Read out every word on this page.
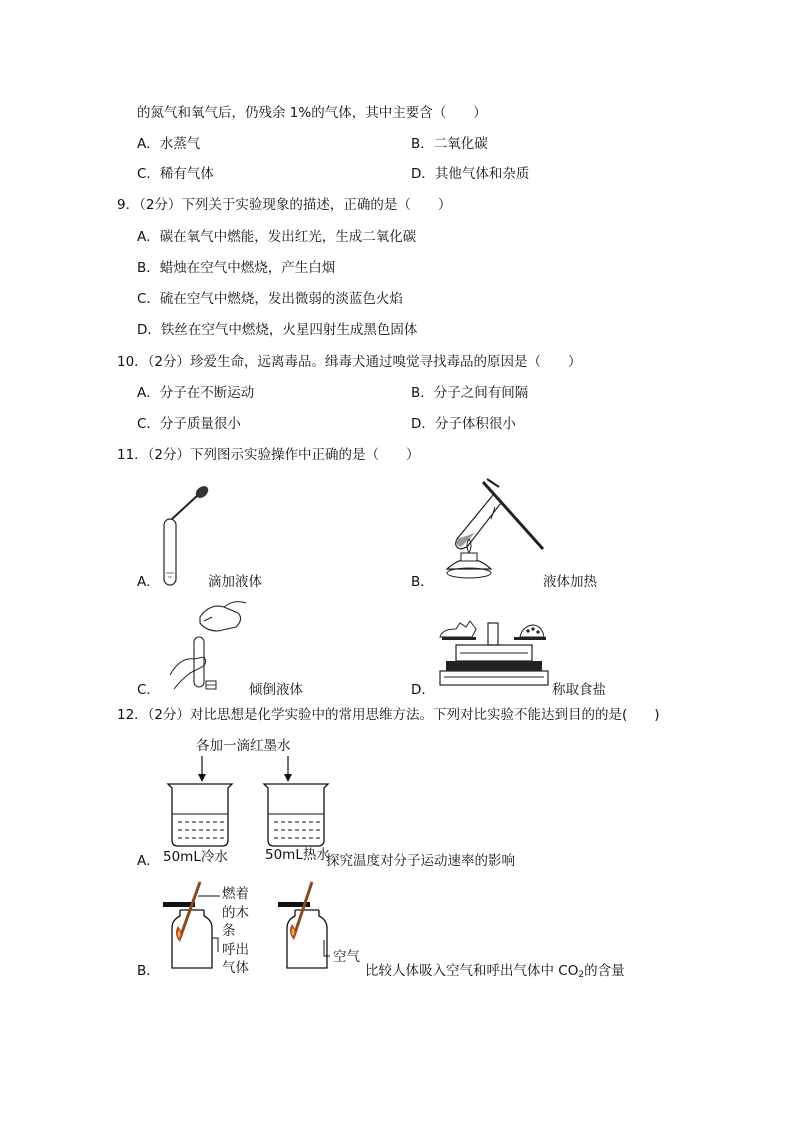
的氮气和氧气后，仍残余 1%的气体，其中主要含（　　）
A．水蒸气	B．二氧化碳
C．稀有气体	D．其他气体和杂质
9．（2分）下列关于实验现象的描述，正确的是（　　）
A．碳在氧气中燃能，发出红光，生成二氧化碳
B．蜡烛在空气中燃烧，产生白烟
C．硫在空气中燃烧，发出微弱的淡蓝色火焰
D．铁丝在空气中燃烧，火星四射生成黑色固体
10．（2分）珍爱生命，远离毒品。缉毒犬通过嗅觉寻找毒品的原因是（　　）
A．分子在不断运动	B．分子之间有间隔
C．分子质量很小	D．分子体积很小
11．（2分）下列图示实验操作中正确的是（　　）
A．	滴加液体	B．	液体加热
C．	倾倒液体	D．	称取食盐
12．（2分）对比思想是化学实验中的常用思维方法。下列对比实验不能达到目的的是(　　)
各加一滴红墨水
A． 50mL冷水	50mL热水
探究温度对分子运动速率的影响
燃着
的木
条
呼出
气体
空气
B．	比较人体吸入空气和呼出气体中 $CO_2$的含量
